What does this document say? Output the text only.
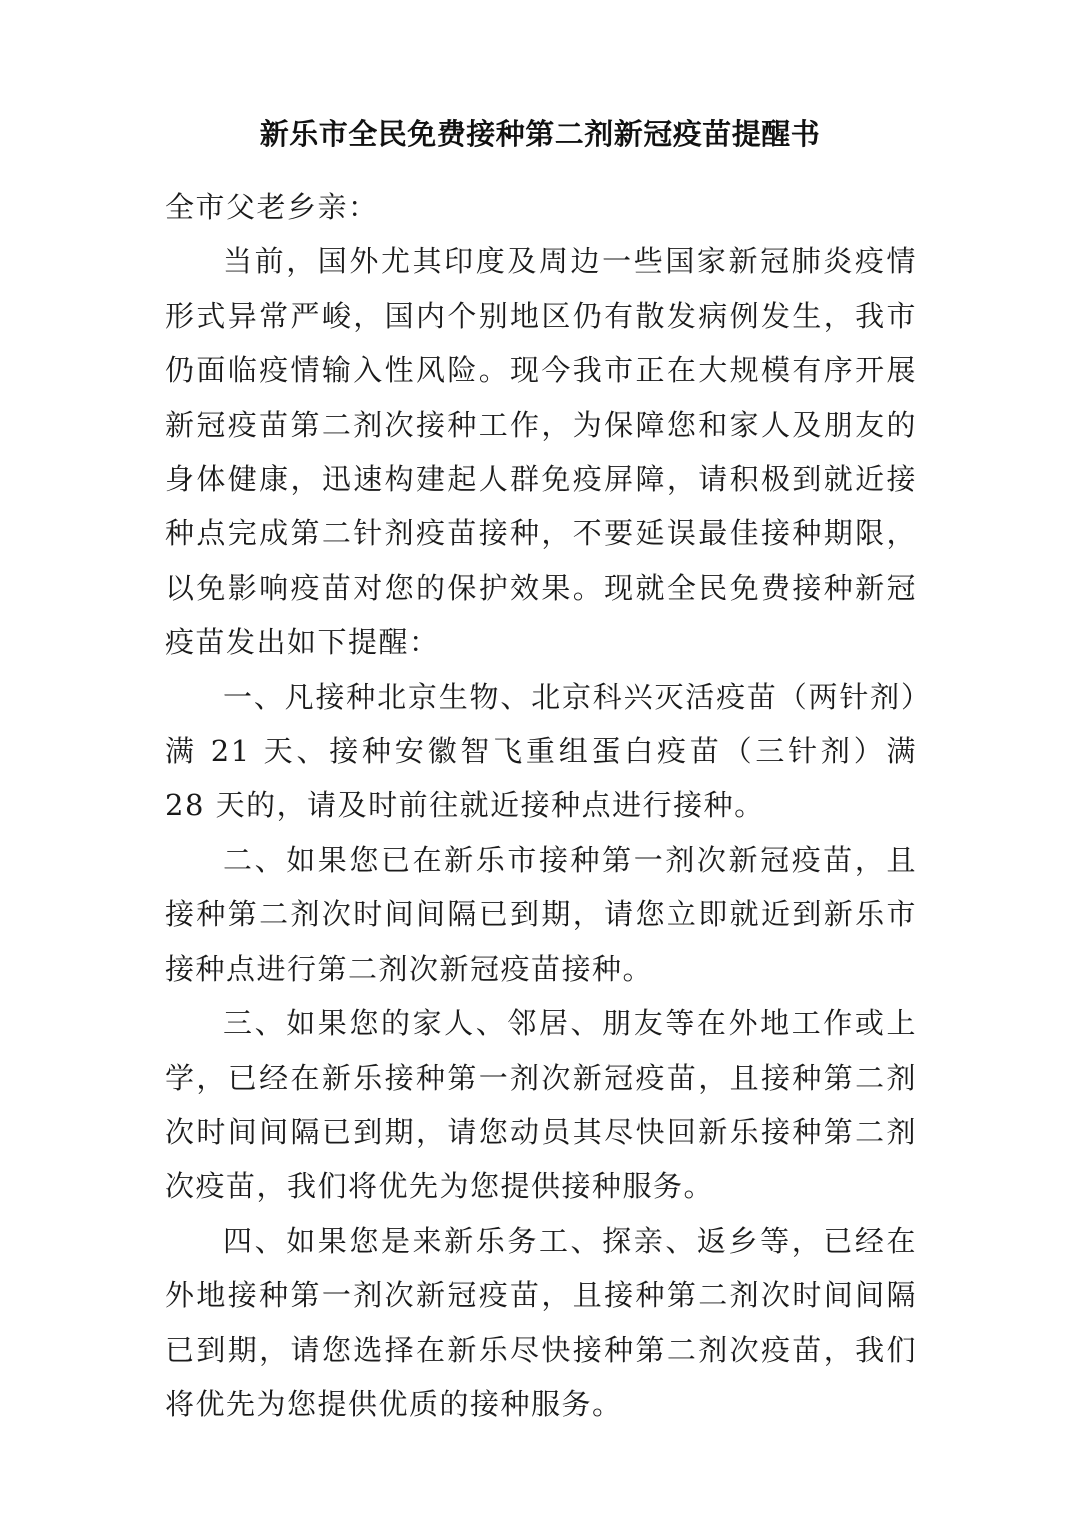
新乐市全民免费接种第二剂新冠疫苗提醒书

全市父老乡亲：

当前，国外尤其印度及周边一些国家新冠肺炎疫情形式异常严峻，国内个别地区仍有散发病例发生，我市仍面临疫情输入性风险。现今我市正在大规模有序开展新冠疫苗第二剂次接种工作，为保障您和家人及朋友的身体健康，迅速构建起人群免疫屏障，请积极到就近接种点完成第二针剂疫苗接种，不要延误最佳接种期限，以免影响疫苗对您的保护效果。现就全民免费接种新冠疫苗发出如下提醒：

一、凡接种北京生物、北京科兴灭活疫苗（两针剂）满 21 天、接种安徽智飞重组蛋白疫苗（三针剂）满 28 天的，请及时前往就近接种点进行接种。

二、如果您已在新乐市接种第一剂次新冠疫苗，且接种第二剂次时间间隔已到期，请您立即就近到新乐市接种点进行第二剂次新冠疫苗接种。

三、如果您的家人、邻居、朋友等在外地工作或上学，已经在新乐接种第一剂次新冠疫苗，且接种第二剂次时间间隔已到期，请您动员其尽快回新乐接种第二剂次疫苗，我们将优先为您提供接种服务。

四、如果您是来新乐务工、探亲、返乡等，已经在外地接种第一剂次新冠疫苗，且接种第二剂次时间间隔已到期，请您选择在新乐尽快接种第二剂次疫苗，我们将优先为您提供优质的接种服务。
